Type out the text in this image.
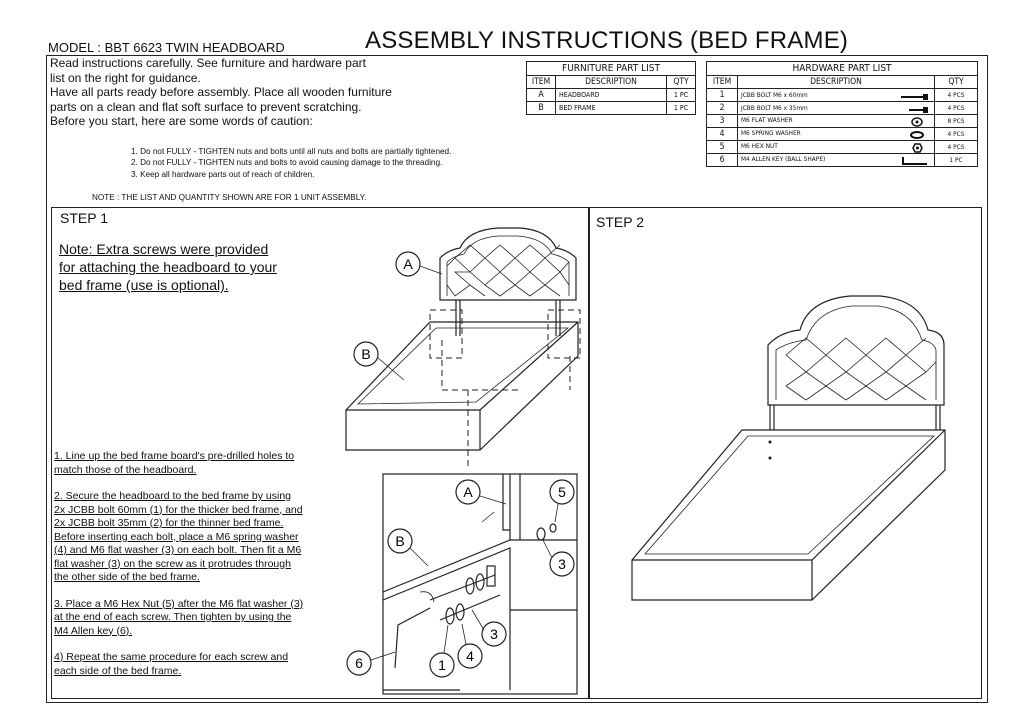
MODEL : BBT 6623 TWIN HEADBOARD	ASSEMBLY INSTRUCTIONS (BED FRAME)
Read instructions carefully. See furniture and hardware part
list on the right for guidance.
Have all parts ready before assembly. Place all wooden furniture
parts on a clean and flat soft surface to prevent scratching.
Before you start, here are some words of caution:
1. Do not FULLY - TIGHTEN nuts and bolts until all nuts and bolts are partially tightened.
2. Do not FULLY - TIGHTEN nuts and bolts to avoid causing damage to the threading.
3. Keep all hardware parts out of reach of children.
NOTE : THE LIST AND QUANTITY SHOWN ARE FOR 1 UNIT ASSEMBLY.
FURNITURE PART LIST		
ITEM	DESCRIPTION	QTY
A	HEADBOARD	1 PC
B	BED FRAME	1 PC
HARDWARE PART LIST		
ITEM	DESCRIPTION	QTY
1	JCBB BOLT M6 x 60mm	4 PCS
2	JCBB BOLT M6 x 35mm	4 PCS
3	M6 FLAT WASHER	8 PCS
4	M6 SPRING WASHER	4 PCS
5	M6 HEX NUT	4 PCS
6	M4 ALLEN KEY (BALL SHAPE)	1 PC
STEP 1	STEP 2
Note: Extra screws were provided
for attaching the headboard to your
bed frame (use is optional).

1. Line up the bed frame board's pre-drilled holes to match those of the headboard.

2. Secure the headboard to the bed frame by using 2x JCBB bolt 60mm (1) for the thicker bed frame, and 2x JCBB bolt 35mm (2) for the thinner bed frame. Before inserting each bolt, place a M6 spring washer (4) and M6 flat washer (3) on each bolt. Then fit a M6 flat washer (3) on the screw as it protrudes through the other side of the bed frame.

3. Place a M6 Hex Nut (5) after the M6 flat washer (3) at the end of each screw. Then tighten by using the M4 Allen key (6).

4) Repeat the same procedure for each screw and each side of the bed frame.

A
B
A
B
5
3
3
4
1
6
